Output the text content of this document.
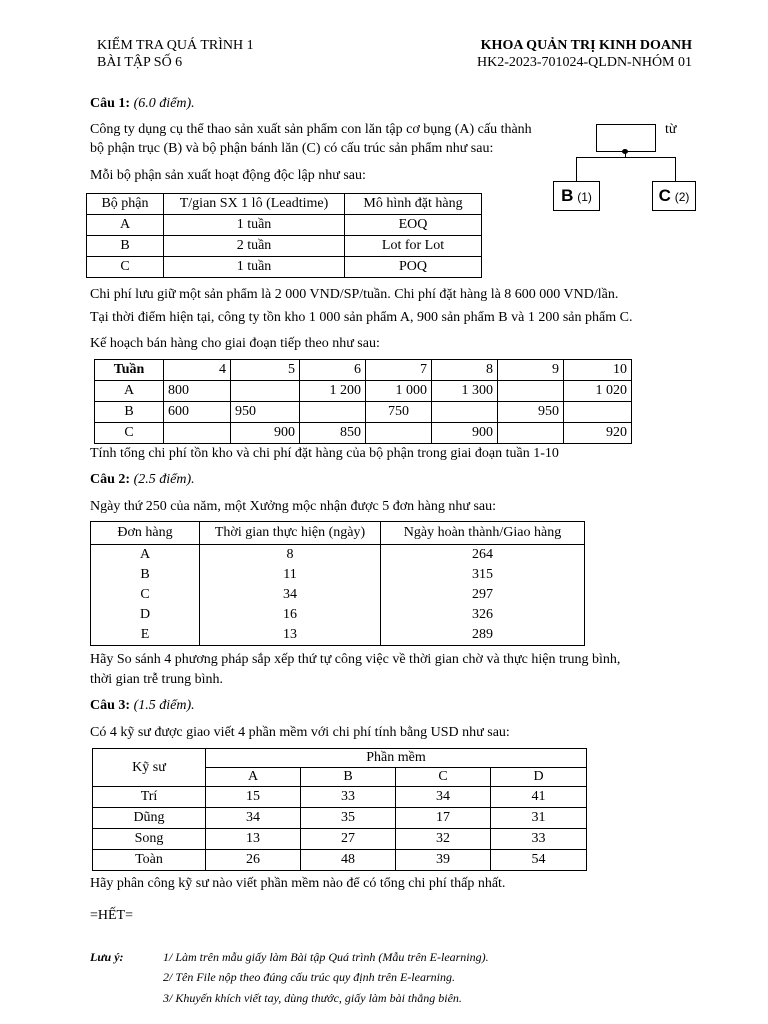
KIỂM TRA QUÁ TRÌNH 1
BÀI TẬP SỐ 6
KHOA QUẢN TRỊ KINH DOANH
HK2-2023-701024-QLDN-NHÓM 01
Câu 1: (6.0 điểm).
Công ty dụng cụ thể thao sản xuất sản phẩm con lăn tập cơ bụng (A) cấu thành	từ
bộ phận trục (B) và bộ phận bánh lăn (C) có cấu trúc sản phẩm như sau:
Mỗi bộ phận sản xuất hoạt động độc lập như sau:
B (1)	C (2)
Bộ phận	T/gian SX 1 lô (Leadtime)	Mô hình đặt hàng
A	1 tuần	EOQ
B	2 tuần	Lot for Lot
C	1 tuần	POQ
Chi phí lưu giữ một sản phẩm là 2 000 VND/SP/tuần. Chi phí đặt hàng là 8 600 000 VND/lần.
Tại thời điểm hiện tại, công ty tồn kho 1 000 sản phẩm A, 900 sản phẩm B và 1 200 sản phẩm C.
Kế hoạch bán hàng cho giai đoạn tiếp theo như sau:
Tuần	4	5	6	7	8	9	10
A	800		1 200	1 000	1 300		1 020
B	600	950		750		950	
C		900	850		900		920
Tính tổng chi phí tồn kho và chi phí đặt hàng của bộ phận trong giai đoạn tuần 1-10
Câu 2: (2.5 điểm).
Ngày thứ 250 của năm, một Xưởng mộc nhận được 5 đơn hàng như sau:
Đơn hàng	Thời gian thực hiện (ngày)	Ngày hoàn thành/Giao hàng
A	8	264
B	11	315
C	34	297
D	16	326
E	13	289
Hãy So sánh 4 phương pháp sắp xếp thứ tự công việc về thời gian chờ và thực hiện trung bình,
thời gian trễ trung bình.
Câu 3: (1.5 điểm).
Có 4 kỹ sư được giao viết 4 phần mềm với chi phí tính bằng USD như sau:
Kỹ sư	Phần mềm			
	A	B	C	D
Trí	15	33	34	41
Dũng	34	35	17	31
Song	13	27	32	33
Toàn	26	48	39	54
Hãy phân công kỹ sư nào viết phần mềm nào để có tổng chi phí thấp nhất.
=HẾT=
Lưu ý:	1/ Làm trên mẫu giấy làm Bài tập Quá trình (Mẫu trên E-learning).
2/ Tên File nộp theo đúng cấu trúc quy định trên E-learning.
3/ Khuyến khích viết tay, dùng thước, giấy làm bài thẳng biên.
